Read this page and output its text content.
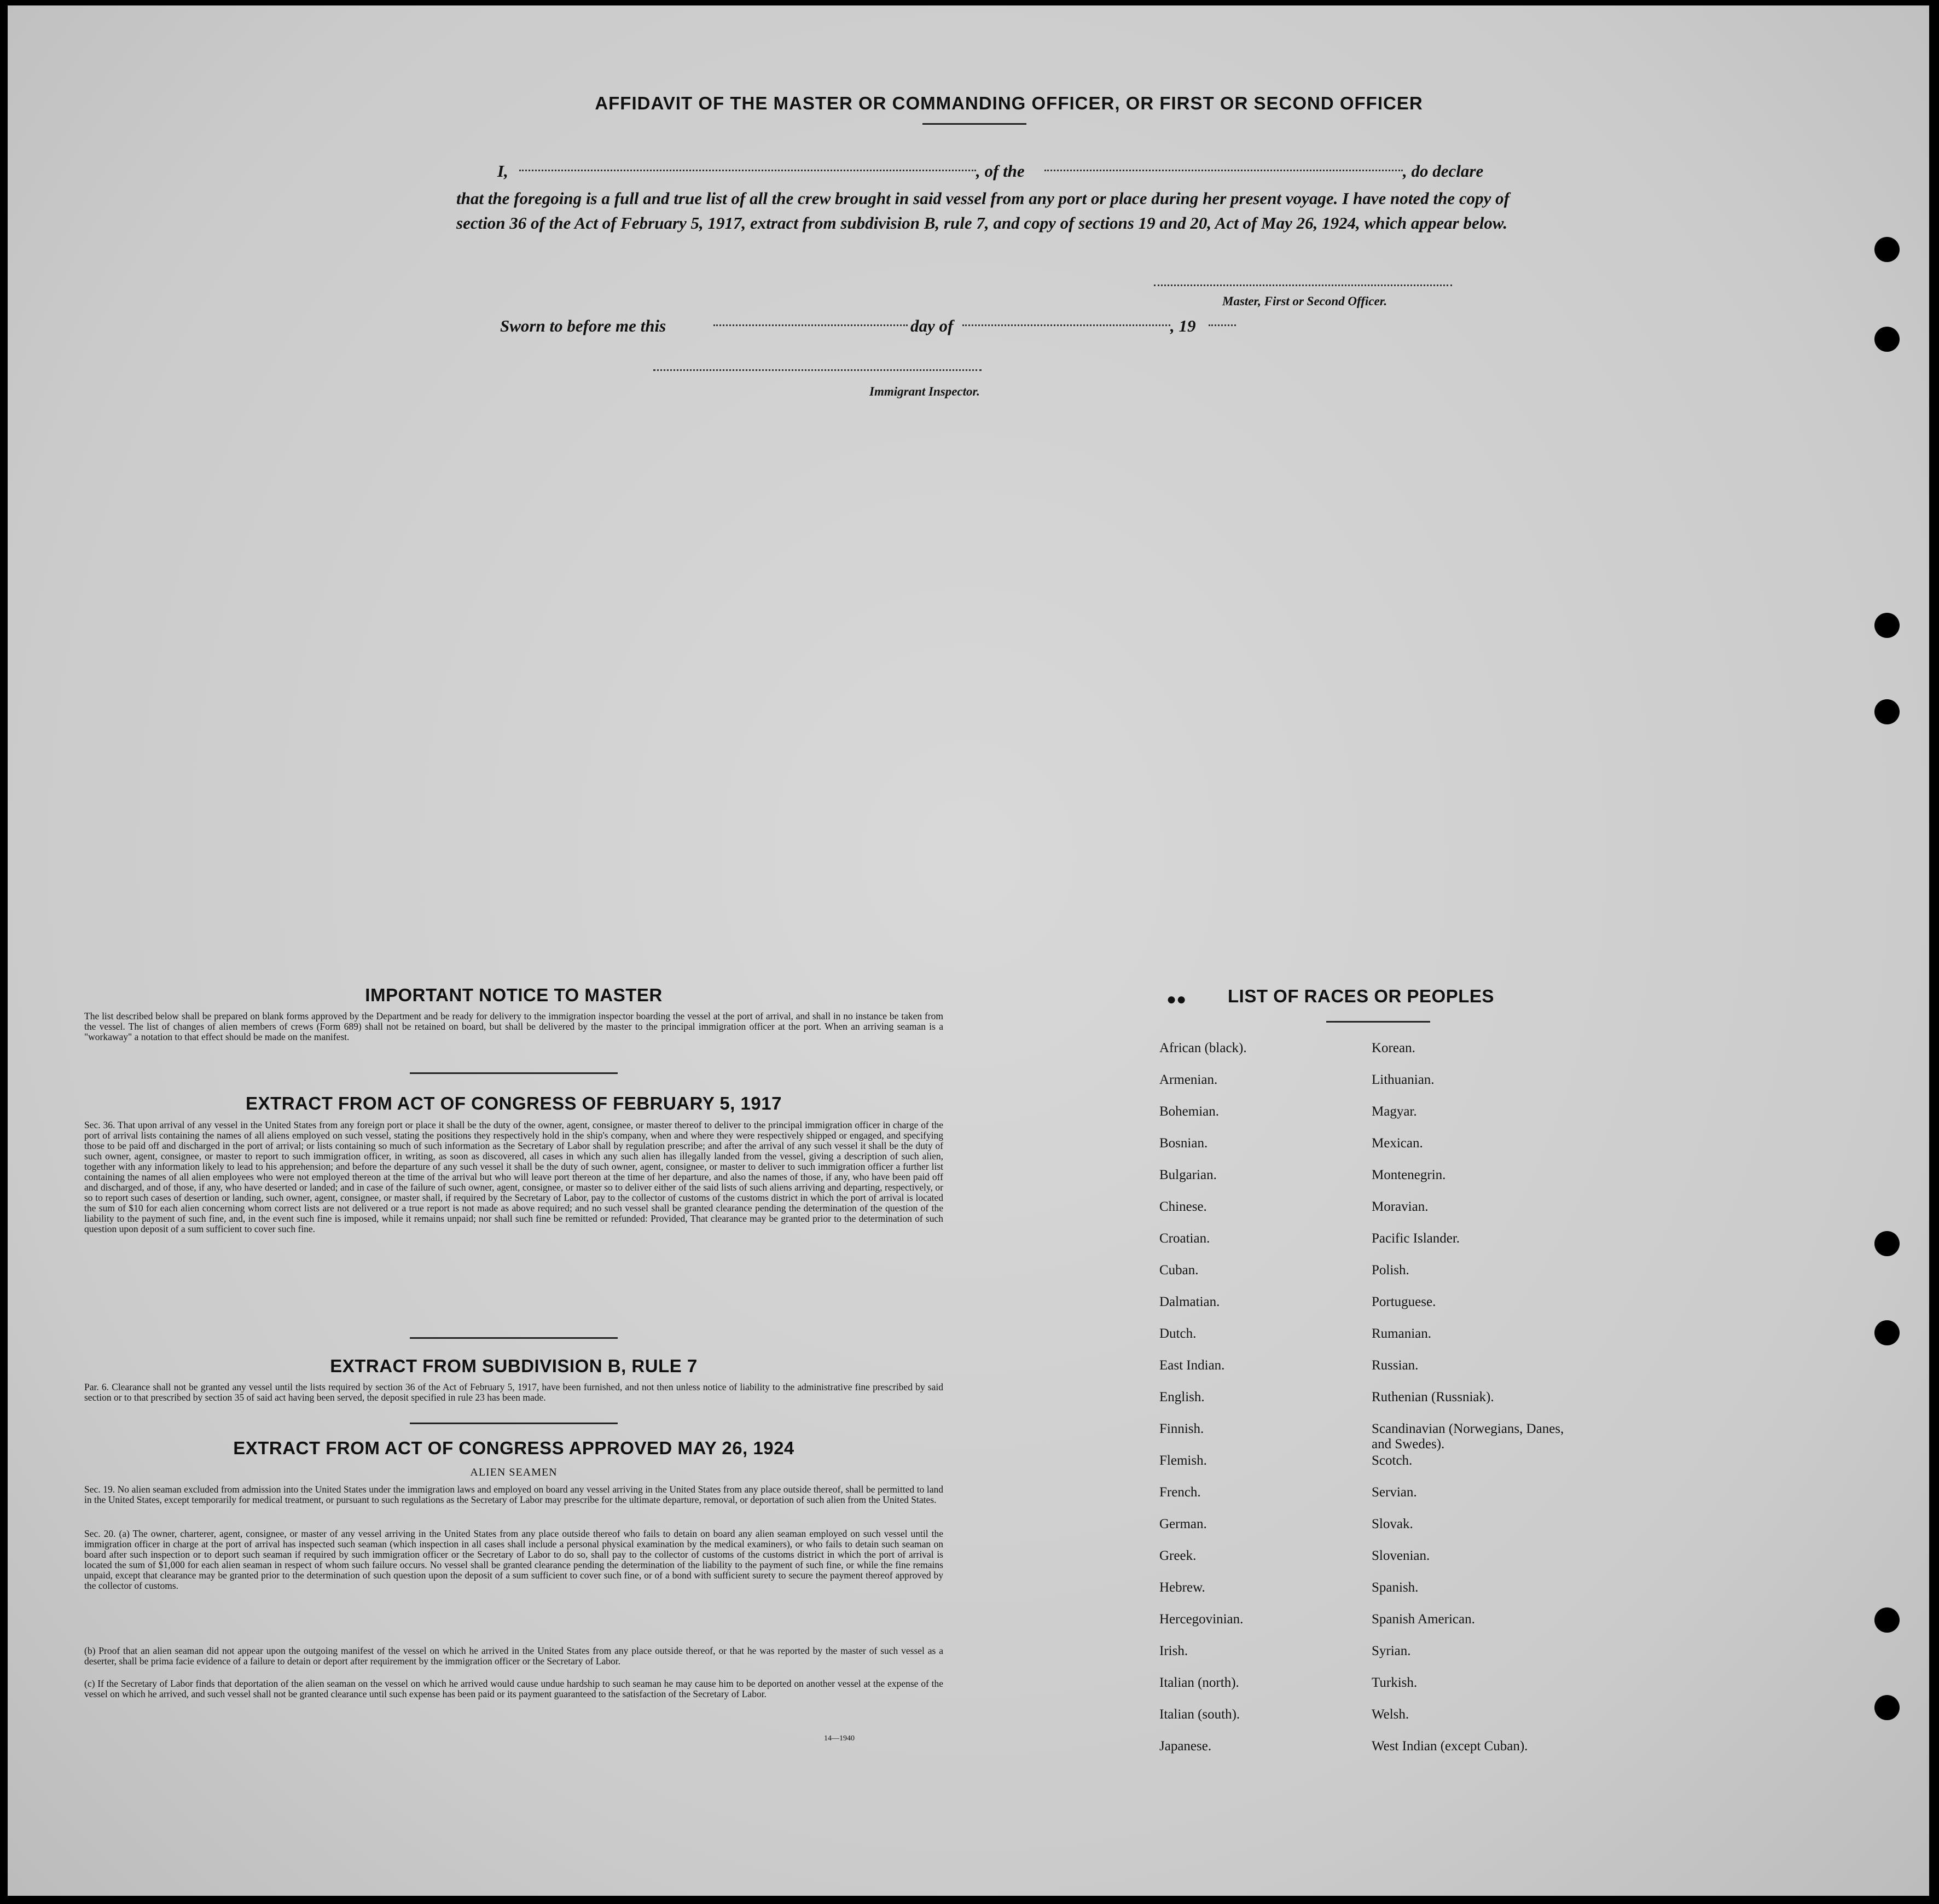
AFFIDAVIT OF THE MASTER OR COMMANDING OFFICER, OR FIRST OR SECOND OFFICER
I,	, of the	, do declare
that the foregoing is a full and true list of all the crew brought in said vessel from any port or place during her present voyage. I have noted the copy of section 36 of the Act of February 5, 1917, extract from subdivision B, rule 7, and copy of sections 19 and 20, Act of May 26, 1924, which appear below.
Master, First or Second Officer.
Sworn to before me this	day of	, 19
Immigrant Inspector.
IMPORTANT NOTICE TO MASTER
The list described below shall be prepared on blank forms approved by the Department and be ready for delivery to the immigration inspector boarding the vessel at the port of arrival, and shall in no instance be taken from the vessel. The list of changes of alien members of crews (Form 689) shall not be retained on board, but shall be delivered by the master to the principal immigration officer at the port. When an arriving seaman is a "workaway" a notation to that effect should be made on the manifest.
EXTRACT FROM ACT OF CONGRESS OF FEBRUARY 5, 1917
Sec. 36. That upon arrival of any vessel in the United States from any foreign port or place it shall be the duty of the owner, agent, consignee, or master thereof to deliver to the principal immigration officer in charge of the port of arrival lists containing the names of all aliens employed on such vessel, stating the positions they respectively hold in the ship's company, when and where they were respectively shipped or engaged, and specifying those to be paid off and discharged in the port of arrival; or lists containing so much of such information as the Secretary of Labor shall by regulation prescribe; and after the arrival of any such vessel it shall be the duty of such owner, agent, consignee, or master to report to such immigration officer, in writing, as soon as discovered, all cases in which any such alien has illegally landed from the vessel, giving a description of such alien, together with any information likely to lead to his apprehension; and before the departure of any such vessel it shall be the duty of such owner, agent, consignee, or master to deliver to such immigration officer a further list containing the names of all alien employees who were not employed thereon at the time of the arrival but who will leave port thereon at the time of her departure, and also the names of those, if any, who have been paid off and discharged, and of those, if any, who have deserted or landed; and in case of the failure of such owner, agent, consignee, or master so to deliver either of the said lists of such aliens arriving and departing, respectively, or so to report such cases of desertion or landing, such owner, agent, consignee, or master shall, if required by the Secretary of Labor, pay to the collector of customs of the customs district in which the port of arrival is located the sum of $10 for each alien concerning whom correct lists are not delivered or a true report is not made as above required; and no such vessel shall be granted clearance pending the determination of the question of the liability to the payment of such fine, and, in the event such fine is imposed, while it remains unpaid; nor shall such fine be remitted or refunded: Provided, That clearance may be granted prior to the determination of such question upon deposit of a sum sufficient to cover such fine.
EXTRACT FROM SUBDIVISION B, RULE 7
Par. 6. Clearance shall not be granted any vessel until the lists required by section 36 of the Act of February 5, 1917, have been furnished, and not then unless notice of liability to the administrative fine prescribed by said section or to that prescribed by section 35 of said act having been served, the deposit specified in rule 23 has been made.
EXTRACT FROM ACT OF CONGRESS APPROVED MAY 26, 1924
ALIEN SEAMEN
Sec. 19. No alien seaman excluded from admission into the United States under the immigration laws and employed on board any vessel arriving in the United States from any place outside thereof, shall be permitted to land in the United States, except temporarily for medical treatment, or pursuant to such regulations as the Secretary of Labor may prescribe for the ultimate departure, removal, or deportation of such alien from the United States.
Sec. 20. (a) The owner, charterer, agent, consignee, or master of any vessel arriving in the United States from any place outside thereof who fails to detain on board any alien seaman employed on such vessel until the immigration officer in charge at the port of arrival has inspected such seaman (which inspection in all cases shall include a personal physical examination by the medical examiners), or who fails to detain such seaman on board after such inspection or to deport such seaman if required by such immigration officer or the Secretary of Labor to do so, shall pay to the collector of customs of the customs district in which the port of arrival is located the sum of $1,000 for each alien seaman in respect of whom such failure occurs. No vessel shall be granted clearance pending the determination of the liability to the payment of such fine, or while the fine remains unpaid, except that clearance may be granted prior to the determination of such question upon the deposit of a sum sufficient to cover such fine, or of a bond with sufficient surety to secure the payment thereof approved by the collector of customs.
(b) Proof that an alien seaman did not appear upon the outgoing manifest of the vessel on which he arrived in the United States from any place outside thereof, or that he was reported by the master of such vessel as a deserter, shall be prima facie evidence of a failure to detain or deport after requirement by the immigration officer or the Secretary of Labor.
(c) If the Secretary of Labor finds that deportation of the alien seaman on the vessel on which he arrived would cause undue hardship to such seaman he may cause him to be deported on another vessel at the expense of the vessel on which he arrived, and such vessel shall not be granted clearance until such expense has been paid or its payment guaranteed to the satisfaction of the Secretary of Labor.
14—1940
●● LIST OF RACES OR PEOPLES
African (black).	Korean.
Armenian.	Lithuanian.
Bohemian.	Magyar.
Bosnian.	Mexican.
Bulgarian.	Montenegrin.
Chinese.	Moravian.
Croatian.	Pacific Islander.
Cuban.	Polish.
Dalmatian.	Portuguese.
Dutch.	Rumanian.
East Indian.	Russian.
English.	Ruthenian (Russniak).
Finnish.	Scandinavian (Norwegians, Danes, and Swedes).
Flemish.	Scotch.
French.	Servian.
German.	Slovak.
Greek.	Slovenian.
Hebrew.	Spanish.
Hercegovinian.	Spanish American.
Irish.	Syrian.
Italian (north).	Turkish.
Italian (south).	Welsh.
Japanese.	West Indian (except Cuban).
